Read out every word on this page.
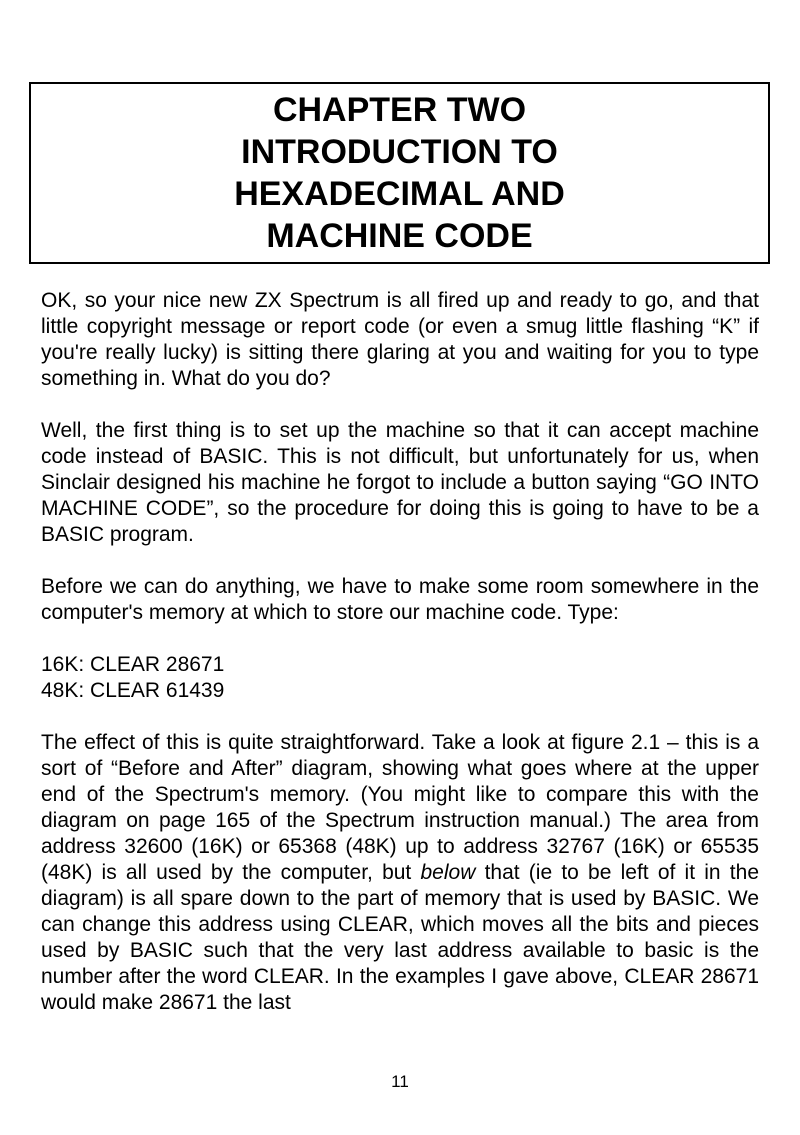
CHAPTER TWO
INTRODUCTION TO
HEXADECIMAL AND
MACHINE CODE

OK, so your nice new ZX Spectrum is all fired up and ready to go, and that little copyright message or report code (or even a smug little flashing “K” if you're really lucky) is sitting there glaring at you and waiting for you to type something in. What do you do?

Well, the first thing is to set up the machine so that it can accept machine code instead of BASIC. This is not difficult, but unfortunately for us, when Sinclair designed his machine he forgot to include a button saying “GO INTO MACHINE CODE”, so the procedure for doing this is going to have to be a BASIC program.

Before we can do anything, we have to make some room somewhere in the computer's memory at which to store our machine code. Type:

16K: CLEAR 28671
48K: CLEAR 61439

The effect of this is quite straightforward. Take a look at figure 2.1 – this is a sort of “Before and After” diagram, showing what goes where at the upper end of the Spectrum's memory. (You might like to compare this with the diagram on page 165 of the Spectrum instruction manual.) The area from address 32600 (16K) or 65368 (48K) up to address 32767 (16K) or 65535 (48K) is all used by the computer, but below that (ie to be left of it in the diagram) is all spare down to the part of memory that is used by BASIC. We can change this address using CLEAR, which moves all the bits and pieces used by BASIC such that the very last address available to basic is the number after the word CLEAR. In the examples I gave above, CLEAR 28671 would make 28671 the last

11
